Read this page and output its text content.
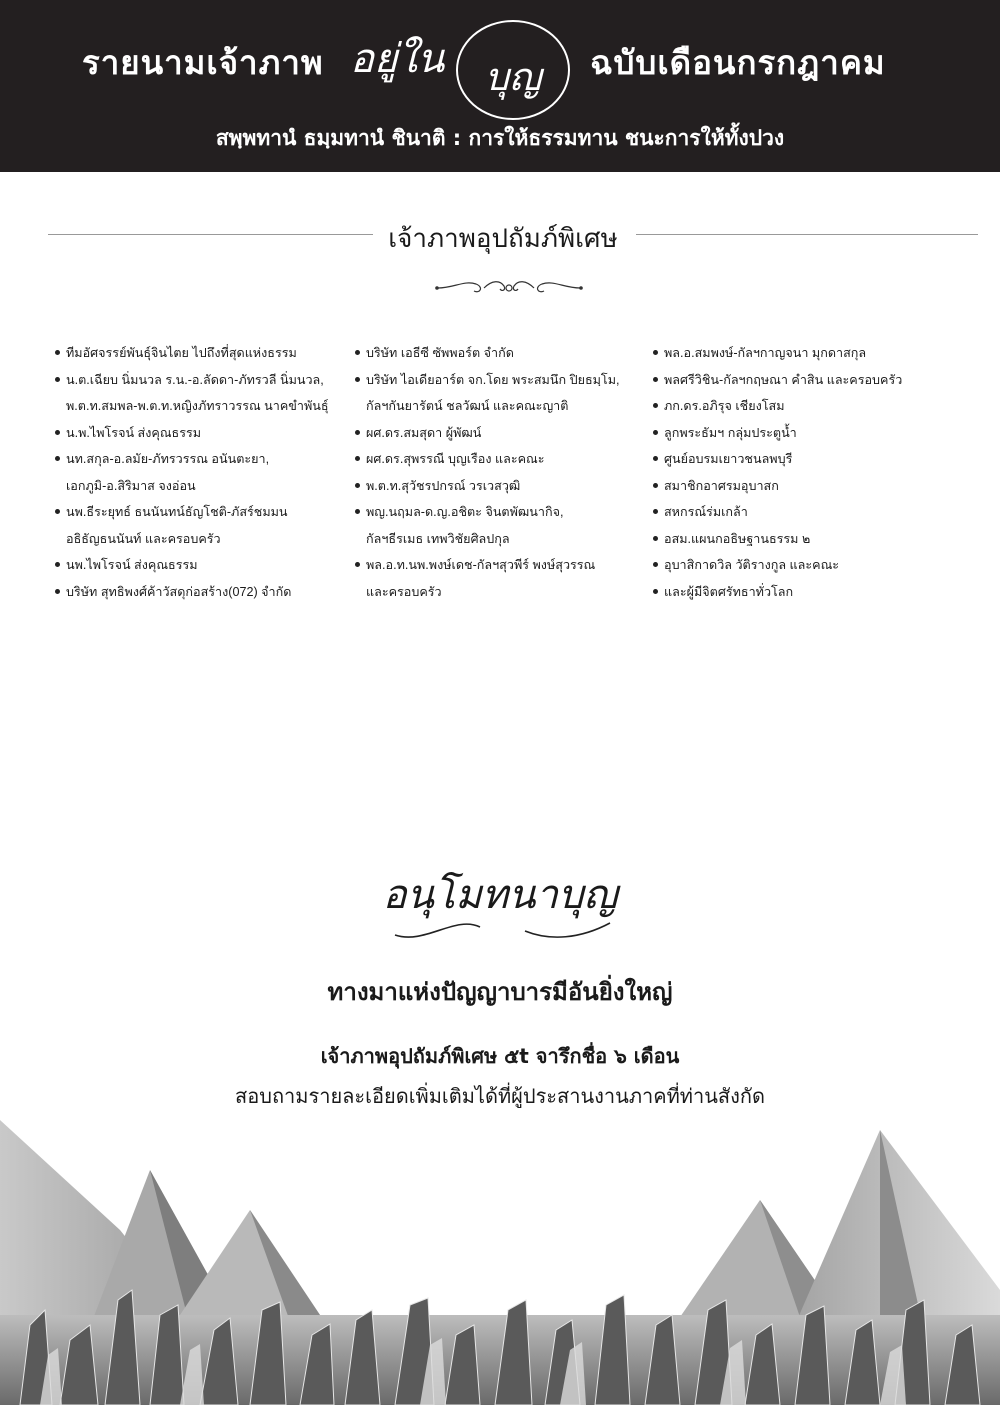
รายนามเจ้าภาพ อยู่ใน	บุญ	ฉบับเดือนกรกฎาคม
สพฺพทานํ ธมฺมทานํ ชินาติ : การให้ธรรมทาน ชนะการให้ทั้งปวง
เจ้าภาพอุปถัมภ์พิเศษ
ทีมอัศจรรย์พันธุ์จินไตย ไปถึงที่สุดแห่งธรรม
น.ต.เฉียบ นิ่มนวล ร.น.-อ.ลัดดา-ภัทรวลี นิ่มนวล,
พ.ต.ท.สมพล-พ.ต.ท.หญิงภัทราวรรณ นาคขำพันธุ์
น.พ.ไพโรจน์ ส่งคุณธรรม
นท.สกุล-อ.ลมัย-ภัทรวรรณ อนันตะยา,
เอกภูมิ-อ.สิริมาส จงอ่อน
นพ.ธีระยุทธ์ ธนนันทน์ธัญโชติ-ภัสร์ชมมน
อธิธัญธนนันท์ และครอบครัว
นพ.ไพโรจน์ ส่งคุณธรรม
บริษัท สุทธิพงศ์ค้าวัสดุก่อสร้าง(072) จำกัด
บริษัท เอธีซี ซัพพอร์ต จำกัด
บริษัท ไอเดียอาร์ต จก.โดย พระสมนึก ปิยธมฺโม,
กัลฯกันยารัตน์ ชลวัฒน์ และคณะญาติ
ผศ.ดร.สมสุดา ผู้พัฒน์
ผศ.ดร.สุพรรณี บุญเรือง และคณะ
พ.ต.ท.สุวัชรปกรณ์ วรเวสวุฒิ
พญ.นฤมล-ด.ญ.อชิตะ จินตพัฒนากิจ,
กัลฯธีรเมธ เทพวิชัยศิลปกุล
พล.อ.ท.นพ.พงษ์เดช-กัลฯสุวพีร์ พงษ์สุวรรณ
และครอบครัว
พล.อ.สมพงษ์-กัลฯกาญจนา มุกดาสกุล
พลศรีวิชิน-กัลฯกฤษณา คำสิน และครอบครัว
ภก.ดร.อภิรุจ เชียงโสม
ลูกพระธัมฯ กลุ่มประตูน้ำ
ศูนย์อบรมเยาวชนลพบุรี
สมาชิกอาศรมอุบาสก
สหกรณ์ร่มเกล้า
อสม.แผนกอธิษฐานธรรม ๒
อุบาสิกาดวิล วัติรางกูล และคณะ
และผู้มีจิตศรัทธาทั่วโลก
อนุโมทนาบุญ
ทางมาแห่งปัญญาบารมีอันยิ่งใหญ่
เจ้าภาพอุปถัมภ์พิเศษ ๕t จารึกชื่อ ๖ เดือน
สอบถามรายละเอียดเพิ่มเติมได้ที่ผู้ประสานงานภาคที่ท่านสังกัด
